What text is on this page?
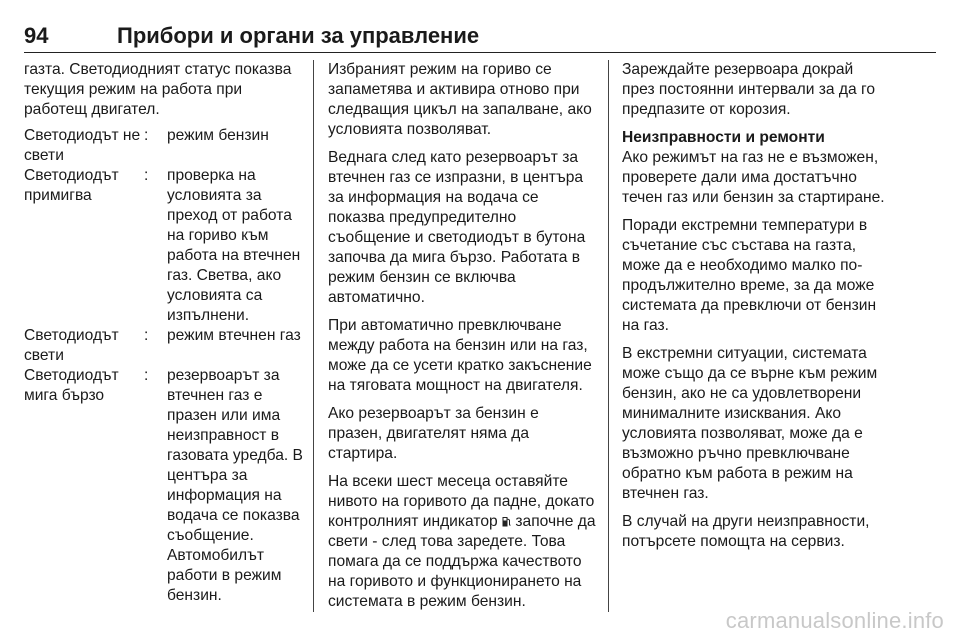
94	Прибори и органи за управление

газта. Светодиодният статус показва текущия режим на работа при работещ двигател.

Светодиодът не свети
:	режим бензин
Светодиодът примигва
:	проверка на условията за преход от работа на гориво към работа на втечнен газ. Светва, ако условията са изпълнени.
Светодиодът свети
:	режим втечнен газ
Светодиодът мига бързо
:	резервоарът за втечнен газ е празен или има неизправност в газовата уредба. В центъра за информация на водача се показва съобщение. Автомобилът работи в режим бензин.

Избраният режим на гориво се запаметява и активира отново при следващия цикъл на запалване, ако условията позволяват.

Веднага след като резервоарът за втечнен газ се изпразни, в центъра за информация на водача се показва предупредително съобщение и светодиодът в бутона започва да мига бързо. Работата в режим бензин се включва автоматично.

При автоматично превключване между работа на бензин или на газ, може да се усети кратко закъснение на тяговата мощност на двигателя.

Ако резервоарът за бензин е празен, двигателят няма да стартира.

На всеки шест месеца оставяйте нивото на горивото да падне, докато контролният индикатор  започне да свети - след това заредете. Това помага да се поддържа качеството на горивото и функционирането на системата в режим бензин.

Зареждайте резервоара докрай през постоянни интервали за да го предпазите от корозия.

Неизправности и ремонти

Ако режимът на газ не е възможен, проверете дали има достатъчно течен газ или бензин за стартиране.

Поради екстремни температури в съчетание със състава на газта, може да е необходимо малко по-продължително време, за да може системата да превключи от бензин на газ.

В екстремни ситуации, системата може също да се върне към режим бензин, ако не са удовлетворени минималните изисквания. Ако условията позволяват, може да е възможно ръчно превключване обратно към работа в режим на втечнен газ.

В случай на други неизправности, потърсете помощта на сервиз.

carmanualsonline.info
